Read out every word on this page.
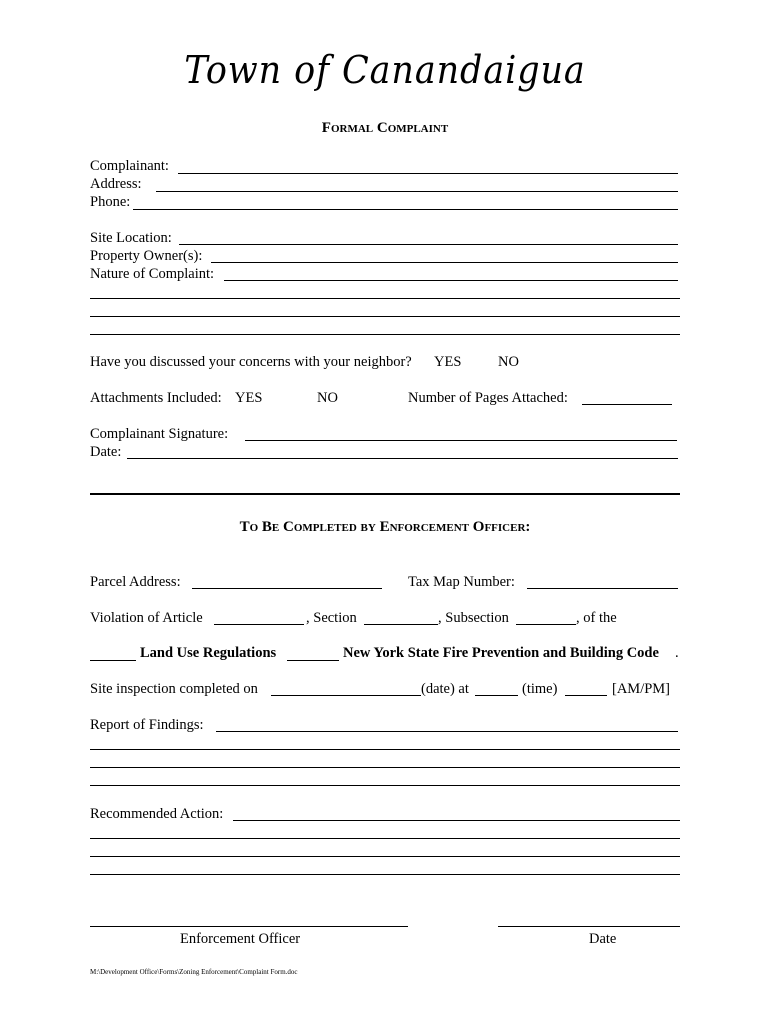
Town of Canandaigua
Formal Complaint
Complainant:
Address:
Phone:
Site Location:
Property Owner(s):
Nature of Complaint:
Have you discussed your concerns with your neighbor? YES	NO
Attachments Included: YES	NO	Number of Pages Attached:
Complainant Signature:
Date:
To Be Completed by Enforcement Officer:
Parcel Address:	Tax Map Number:
Violation of Article	, Section	, Subsection	, of the
Land Use Regulations	New York State Fire Prevention and Building Code .
Site inspection completed on	(date) at	(time)	[AM/PM]
Report of Findings:
Recommended Action:
Enforcement Officer	Date
M:\Development Office\Forms\Zoning Enforcement\Complaint Form.doc
